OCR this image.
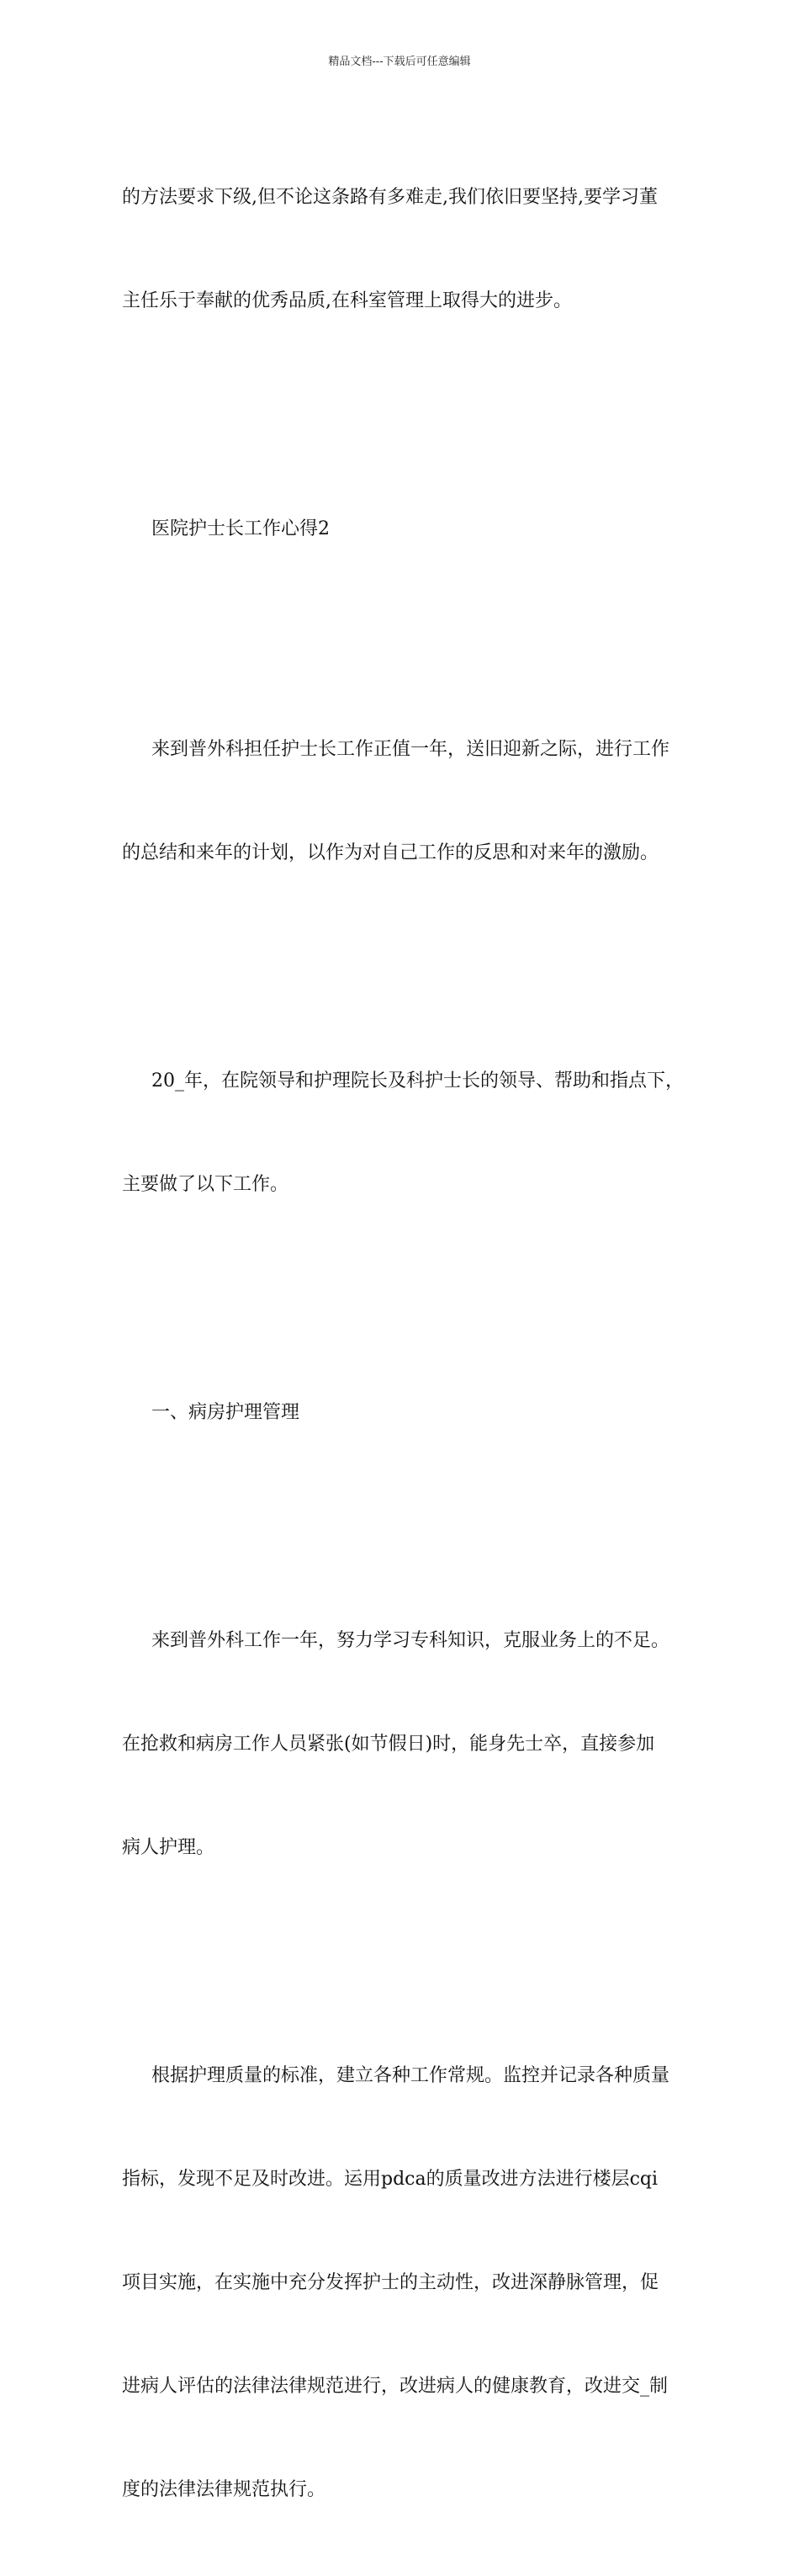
精品文档---下载后可任意编辑

的方法要求下级,但不论这条路有多难走,我们依旧要坚持,要学习董

主任乐于奉献的优秀品质,在科室管理上取得大的进步。

医院护士长工作心得2

来到普外科担任护士长工作正值一年，送旧迎新之际，进行工作

的总结和来年的计划，以作为对自己工作的反思和对来年的激励。

20_年，在院领导和护理院长及科护士长的领导、帮助和指点下，

主要做了以下工作。

一、病房护理管理

来到普外科工作一年，努力学习专科知识，克服业务上的不足。

在抢救和病房工作人员紧张(如节假日)时，能身先士卒，直接参加

病人护理。

根据护理质量的标准，建立各种工作常规。监控并记录各种质量

指标，发现不足及时改进。运用pdca的质量改进方法进行楼层cqi

项目实施，在实施中充分发挥护士的主动性，改进深静脉管理，促

进病人评估的法律法律规范进行，改进病人的健康教育，改进交_制

度的法律法律规范执行。
